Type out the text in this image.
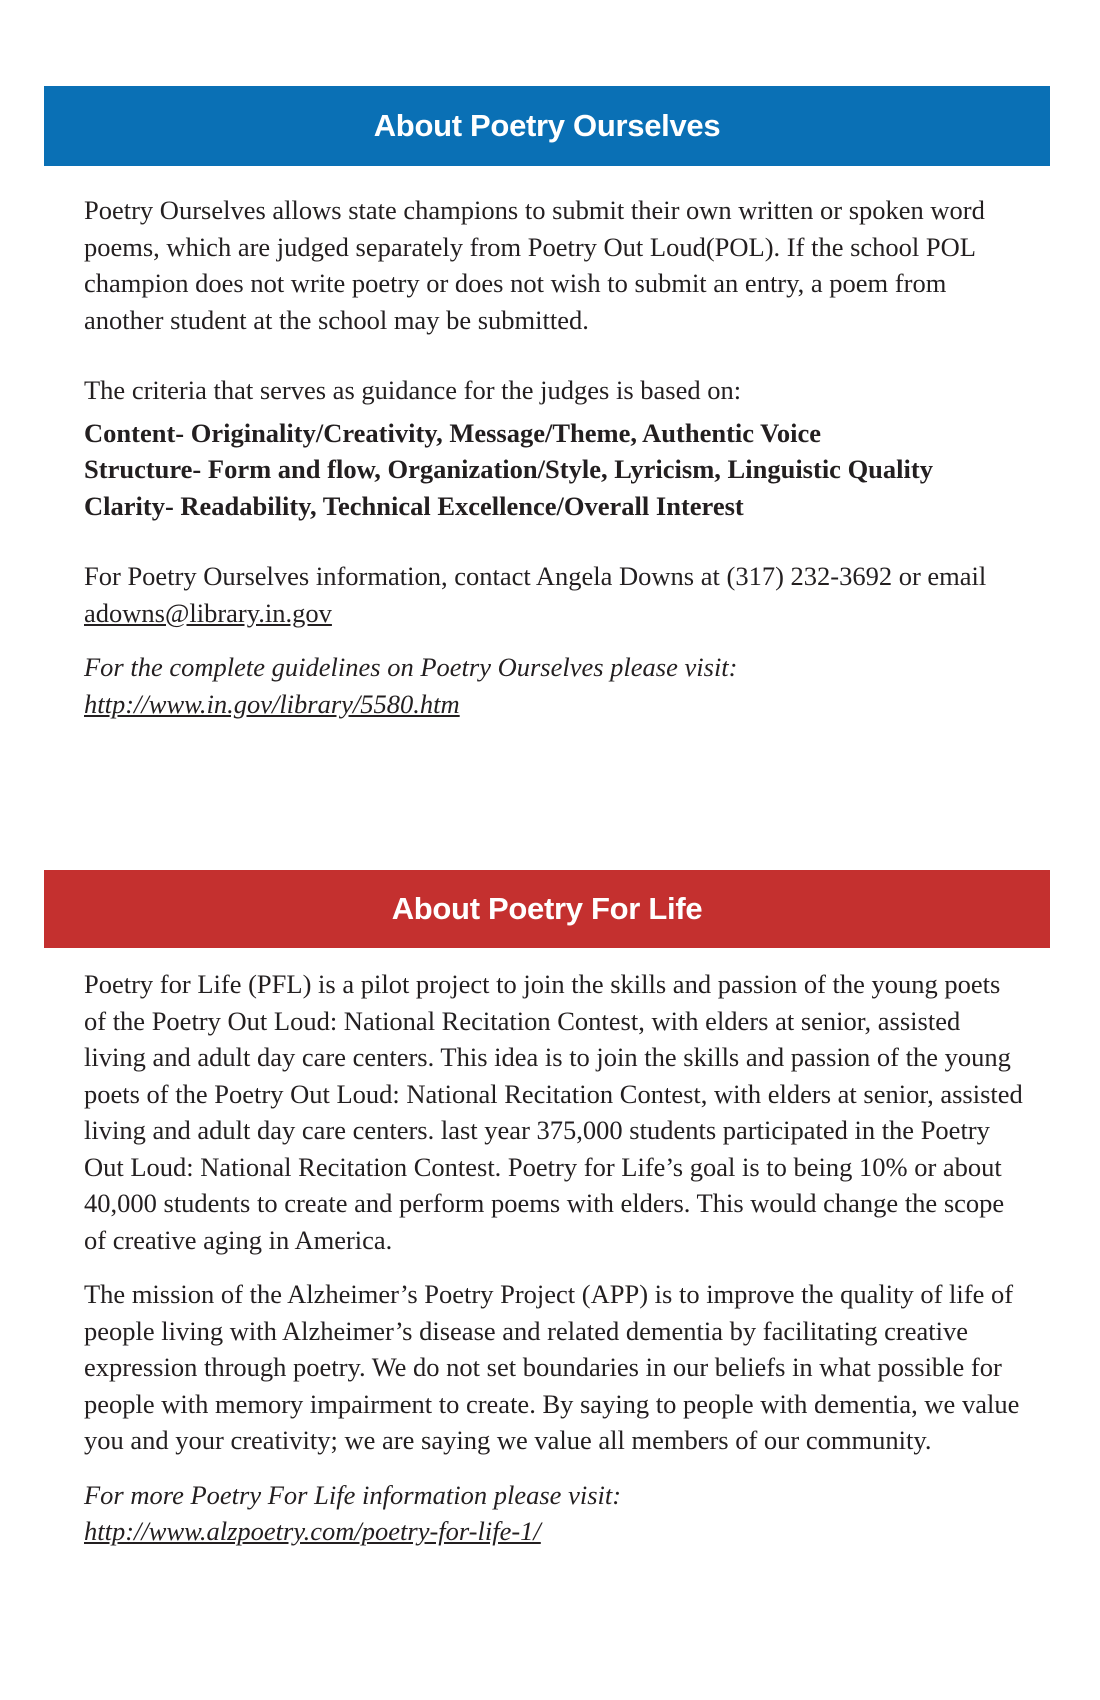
About Poetry Ourselves

Poetry Ourselves allows state champions to submit their own written or spoken word poems, which are judged separately from Poetry Out Loud(POL). If the school POL champion does not write poetry or does not wish to submit an entry, a poem from another student at the school may be submitted.

The criteria that serves as guidance for the judges is based on:

Content- Originality/Creativity, Message/Theme, Authentic Voice

Structure- Form and flow, Organization/Style, Lyricism, Linguistic Quality

Clarity- Readability, Technical Excellence/Overall Interest

For Poetry Ourselves information, contact Angela Downs at (317) 232-3692 or email adowns@library.in.gov

For the complete guidelines on Poetry Ourselves please visit:

http://www.in.gov/library/5580.htm

About Poetry For Life

Poetry for Life (PFL) is a pilot project to join the skills and passion of the young poets of the Poetry Out Loud: National Recitation Contest, with elders at senior, assisted living and adult day care centers. This idea is to join the skills and passion of the young poets of the Poetry Out Loud: National Recitation Contest, with elders at senior, assisted living and adult day care centers. last year 375,000 students participated in the Poetry Out Loud: National Recitation Contest. Poetry for Life’s goal is to being 10% or about 40,000 students to create and perform poems with elders. This would change the scope of creative aging in America.

The mission of the Alzheimer’s Poetry Project (APP) is to improve the quality of life of people living with Alzheimer’s disease and related dementia by facilitating creative expression through poetry. We do not set boundaries in our beliefs in what possible for people with memory impairment to create. By saying to people with dementia, we value you and your creativity; we are saying we value all members of our community.

For more Poetry For Life information please visit:

http://www.alzpoetry.com/poetry-for-life-1/
